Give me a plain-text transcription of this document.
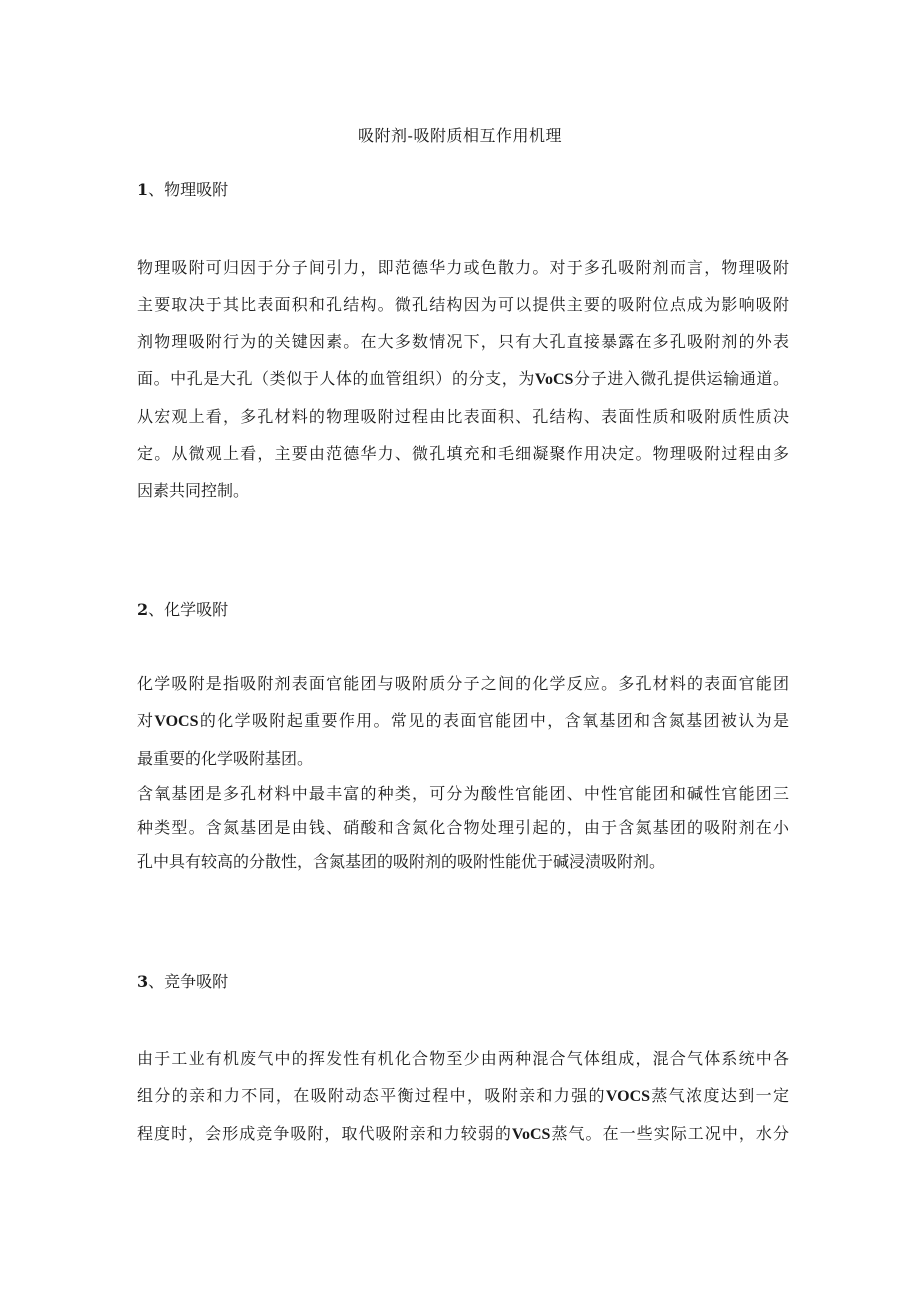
吸附剂-吸附质相互作用机理
1、物理吸附
物理吸附可归因于分子间引力，即范德华力或色散力。对于多孔吸附剂而言，物理吸附
主要取决于其比表面积和孔结构。微孔结构因为可以提供主要的吸附位点成为影响吸附
剂物理吸附行为的关键因素。在大多数情况下，只有大孔直接暴露在多孔吸附剂的外表
面。中孔是大孔（类似于人体的血管组织）的分支，为VoCS分子进入微孔提供运输通道。
从宏观上看，多孔材料的物理吸附过程由比表面积、孔结构、表面性质和吸附质性质决
定。从微观上看，主要由范德华力、微孔填充和毛细凝聚作用决定。物理吸附过程由多
因素共同控制。
2、化学吸附
化学吸附是指吸附剂表面官能团与吸附质分子之间的化学反应。多孔材料的表面官能团
对VOCS的化学吸附起重要作用。常见的表面官能团中，含氧基团和含氮基团被认为是
最重要的化学吸附基团。
含氧基团是多孔材料中最丰富的种类，可分为酸性官能团、中性官能团和碱性官能团三
种类型。含氮基团是由钱、硝酸和含氮化合物处理引起的，由于含氮基团的吸附剂在小
孔中具有较高的分散性，含氮基团的吸附剂的吸附性能优于碱浸渍吸附剂。
3、竞争吸附
由于工业有机废气中的挥发性有机化合物至少由两种混合气体组成，混合气体系统中各
组分的亲和力不同，在吸附动态平衡过程中，吸附亲和力强的VOCS蒸气浓度达到一定
程度时，会形成竞争吸附，取代吸附亲和力较弱的VoCS蒸气。在一些实际工况中，水分
